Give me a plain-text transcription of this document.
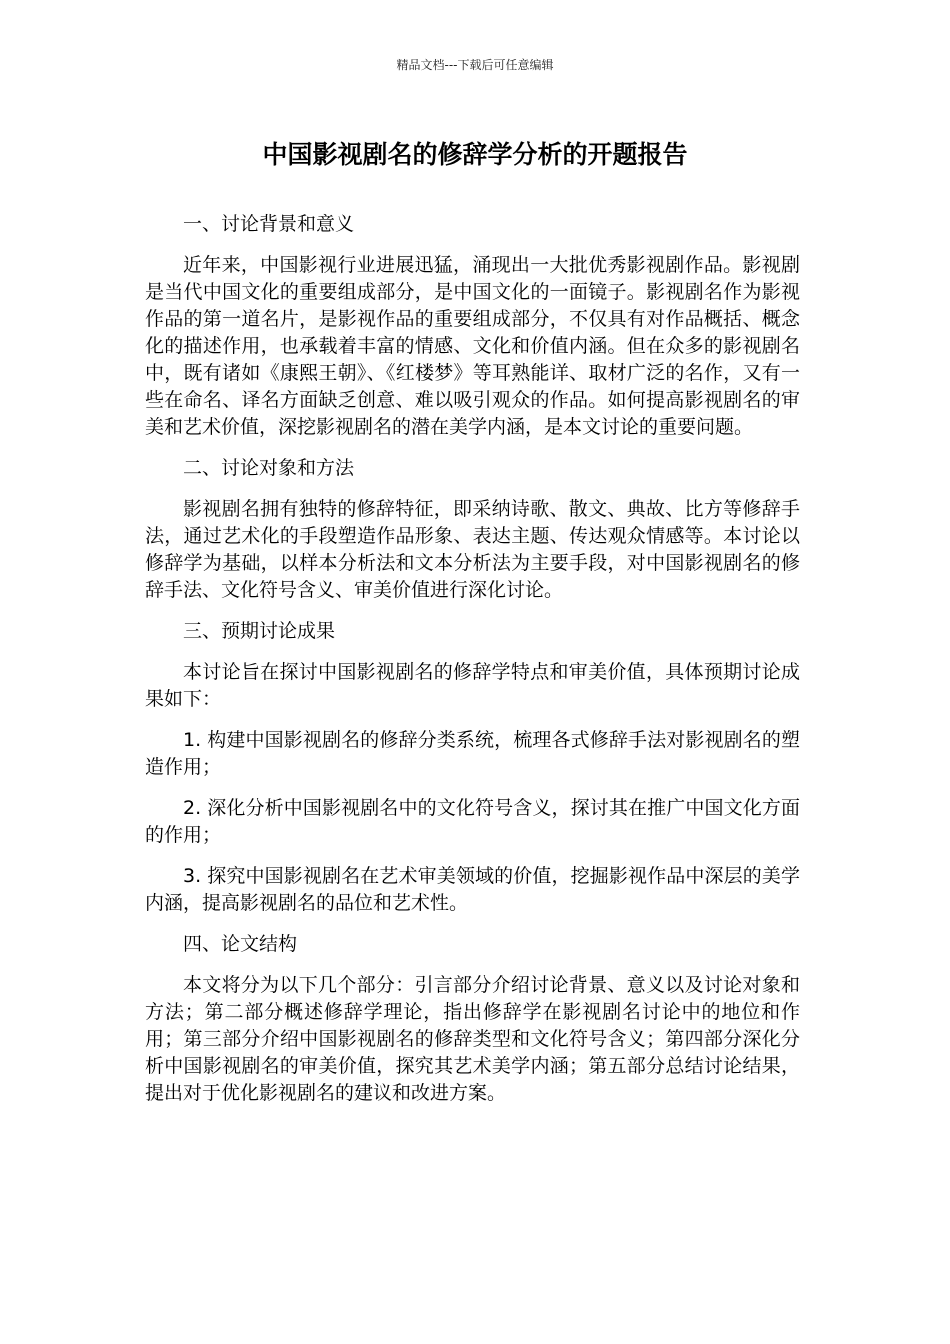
精品文档---下载后可任意编辑
中国影视剧名的修辞学分析的开题报告

一、讨论背景和意义

近年来，中国影视行业进展迅猛，涌现出一大批优秀影视剧作品。影视剧是当代中国文化的重要组成部分，是中国文化的一面镜子。影视剧名作为影视作品的第一道名片，是影视作品的重要组成部分，不仅具有对作品概括、概念化的描述作用，也承载着丰富的情感、文化和价值内涵。但在众多的影视剧名中，既有诸如《康熙王朝》、《红楼梦》等耳熟能详、取材广泛的名作，又有一些在命名、译名方面缺乏创意、难以吸引观众的作品。如何提高影视剧名的审美和艺术价值，深挖影视剧名的潜在美学内涵，是本文讨论的重要问题。

二、讨论对象和方法

影视剧名拥有独特的修辞特征，即采纳诗歌、散文、典故、比方等修辞手法，通过艺术化的手段塑造作品形象、表达主题、传达观众情感等。本讨论以修辞学为基础，以样本分析法和文本分析法为主要手段，对中国影视剧名的修辞手法、文化符号含义、审美价值进行深化讨论。

三、预期讨论成果

本讨论旨在探讨中国影视剧名的修辞学特点和审美价值，具体预期讨论成果如下：

1. 构建中国影视剧名的修辞分类系统，梳理各式修辞手法对影视剧名的塑造作用；

2. 深化分析中国影视剧名中的文化符号含义，探讨其在推广中国文化方面的作用；

3. 探究中国影视剧名在艺术审美领域的价值，挖掘影视作品中深层的美学内涵，提高影视剧名的品位和艺术性。

四、论文结构

本文将分为以下几个部分：引言部分介绍讨论背景、意义以及讨论对象和方法；第二部分概述修辞学理论，指出修辞学在影视剧名讨论中的地位和作用；第三部分介绍中国影视剧名的修辞类型和文化符号含义；第四部分深化分析中国影视剧名的审美价值，探究其艺术美学内涵；第五部分总结讨论结果，提出对于优化影视剧名的建议和改进方案。
